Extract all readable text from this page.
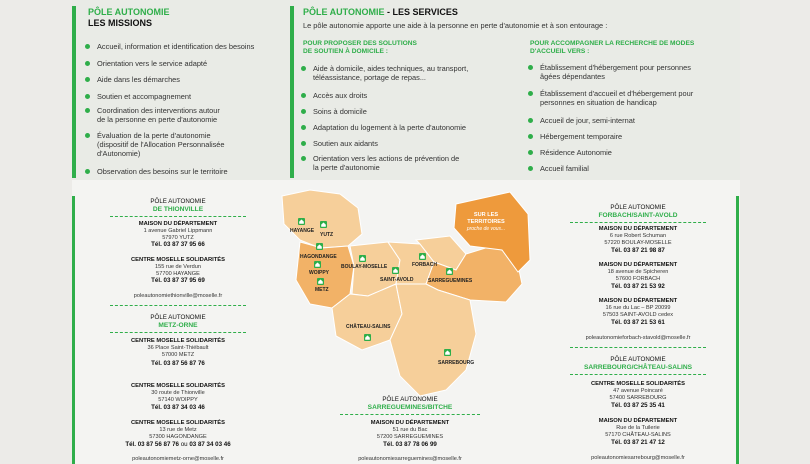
PÔLE AUTONOMIE
LES MISSIONS
Accueil, information et identification des besoins
Orientation vers le service adapté
Aide dans les démarches
Soutien et accompagnement
Coordination des interventions autour
de la personne en perte d'autonomie
Évaluation de la perte d'autonomie
(dispositif de l'Allocation Personnalisée
d'Autonomie)
Observation des besoins sur le territoire
PÔLE AUTONOMIE - LES SERVICES
Le pôle autonomie apporte une aide à la personne en perte d'autonomie et à son entourage :
POUR PROPOSER DES SOLUTIONS
DE SOUTIEN À DOMICILE :
Aide à domicile, aides techniques, au transport,
téléassistance, portage de repas...
Accès aux droits
Soins à domicile
Adaptation du logement à la perte d'autonomie
Soutien aux aidants
Orientation vers les actions de prévention de
la perte d'autonomie
POUR ACCOMPAGNER LA RECHERCHE DE MODES
D'ACCUEIL VERS :
Établissement d'hébergement pour personnes
âgées dépendantes
Établissement d'accueil et d'hébergement pour
personnes en situation de handicap
Accueil de jour, semi-internat
Hébergement temporaire
Résidence Autonomie
Accueil familial
PÔLE AUTONOMIE
DE THIONVILLE
MAISON DU DÉPARTEMENT
1 avenue Gabriel Lippmann
57970 YUTZ
Tél. 03 87 37 95 66
CENTRE MOSELLE SOLIDARITÉS
155 rue de Verdun
57700 HAYANGE
Tél. 03 87 37 95 69
poleautonomiethionville@moselle.fr
PÔLE AUTONOMIE
METZ-ORNE
CENTRE MOSELLE SOLIDARITÉS
36 Place Saint-Thiébault
57000 METZ
Tél. 03 87 56 87 76
CENTRE MOSELLE SOLIDARITÉS
30 route de Thionville
57140 WOIPPY
Tél. 03 87 34 03 46
CENTRE MOSELLE SOLIDARITÉS
13 rue de Metz
57300 HAGONDANGE
Tél. 03 87 56 87 76 ou 03 87 34 03 46
poleautonomiemetz-orne@moselle.fr
SUR LES
TERRITOIRES
proche de vous...
HAYANGE
YUTZ
HAGONDANGE
WOIPPY
METZ
BOULAY-MOSELLE
SAINT-AVOLD
FORBACH
SARREGUEMINES
CHÂTEAU-SALINS
SARREBOURG
PÔLE AUTONOMIE
SARREGUEMINES/BITCHE
MAISON DU DÉPARTEMENT
51 rue du Bac
57200 SARREGUEMINES
Tél. 03 87 78 06 99
poleautonomiesarreguemines@moselle.fr
PÔLE AUTONOMIE
FORBACH/SAINT-AVOLD
MAISON DU DÉPARTEMENT
6 rue Robert Schuman
57220 BOULAY-MOSELLE
Tél. 03 87 21 98 87
MAISON DU DÉPARTEMENT
18 avenue de Spicheren
57600 FORBACH
Tél. 03 87 21 53 92
MAISON DU DÉPARTEMENT
16 rue du Lac – BP 20099
57503 SAINT-AVOLD cedex
Tél. 03 87 21 53 61
poleautonomieforbach-stavold@moselle.fr
PÔLE AUTONOMIE
SARREBOURG/CHÂTEAU-SALINS
CENTRE MOSELLE SOLIDARITÉS
47 avenue Poincaré
57400 SARREBOURG
Tél. 03 87 25 35 41
MAISON DU DÉPARTEMENT
Rue de la Tuilerie
57170 CHÂTEAU-SALINS
Tél. 03 87 21 47 12
poleautonomiesarrebourg@moselle.fr
